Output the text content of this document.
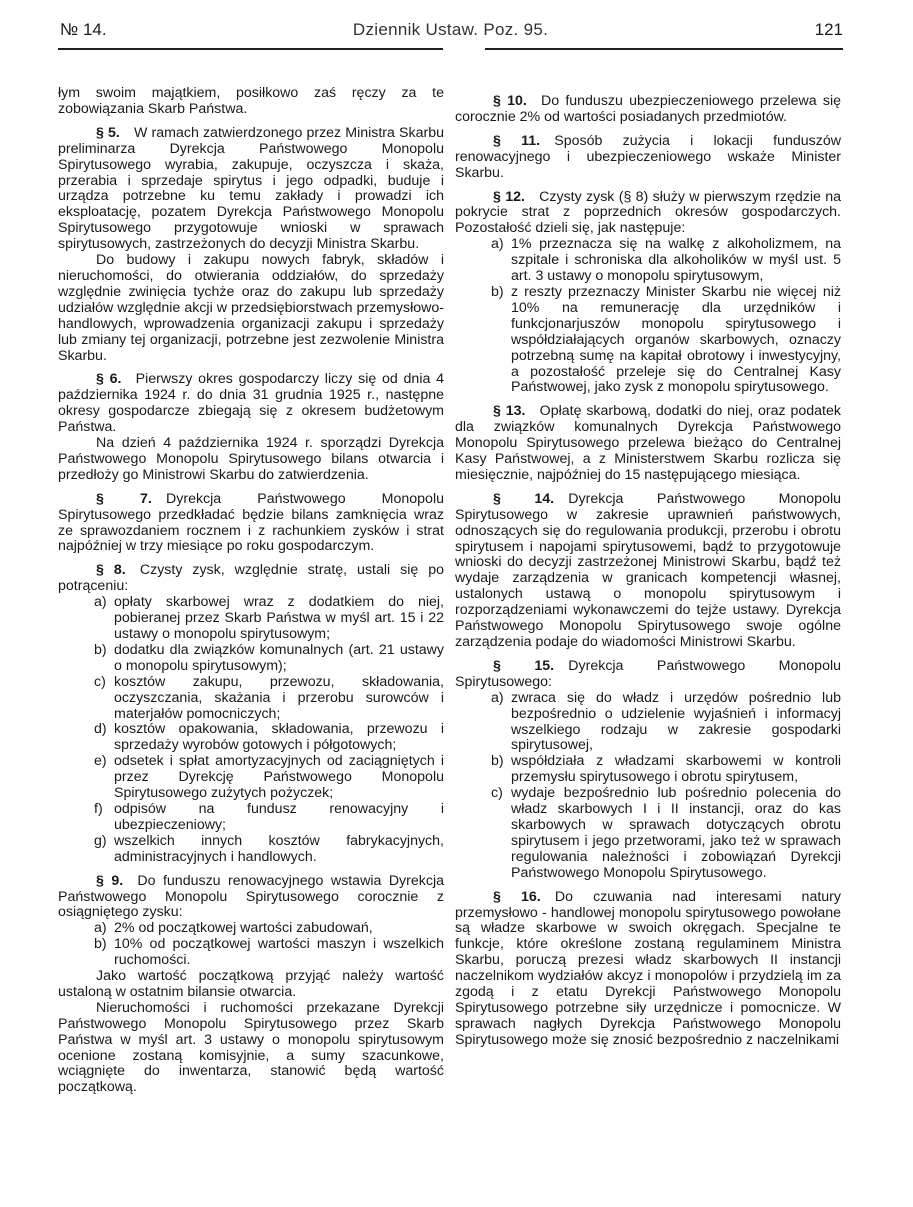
№ 14.	Dziennik Ustaw. Poz. 95.	121

łym swoim majątkiem, posiłkowo zaś ręczy za te zobowiązania Skarb Państwa.

§ 5.  W ramach zatwierdzonego przez Ministra Skarbu preliminarza Dyrekcja Państwowego Monopolu Spirytusowego wyrabia, zakupuje, oczyszcza i skaża, przerabia i sprzedaje spirytus i jego odpadki, buduje i urządza potrzebne ku temu zakłady i prowadzi ich eksploatację, pozatem Dyrekcja Państwowego Monopolu Spirytusowego przygotowuje wnioski w sprawach spirytusowych, zastrzeżonych do decyzji Ministra Skarbu.

Do budowy i zakupu nowych fabryk, składów i nieruchomości, do otwierania oddziałów, do sprzedaży względnie zwinięcia tychże oraz do zakupu lub sprzedaży udziałów względnie akcji w przedsiębiorstwach przemysłowo-handlowych, wprowadzenia organizacji zakupu i sprzedaży lub zmiany tej organizacji, potrzebne jest zezwolenie Ministra Skarbu.

§ 6.  Pierwszy okres gospodarczy liczy się od dnia 4 października 1924 r. do dnia 31 grudnia 1925 r., następne okresy gospodarcze zbiegają się z okresem budżetowym Państwa.

Na dzień 4 października 1924 r. sporządzi Dyrekcja Państwowego Monopolu Spirytusowego bilans otwarcia i przedłoży go Ministrowi Skarbu do zatwierdzenia.

§ 7.  Dyrekcja Państwowego Monopolu Spirytusowego przedkładać będzie bilans zamknięcia wraz ze sprawozdaniem rocznem i z rachunkiem zysków i strat najpóźniej w trzy miesiące po roku gospodarczym.

§ 8.  Czysty zysk, względnie stratę, ustali się po potrąceniu:

a) opłaty skarbowej wraz z dodatkiem do niej, pobieranej przez Skarb Państwa w myśl art. 15 i 22 ustawy o monopolu spirytusowym;

b) dodatku dla związków komunalnych (art. 21 ustawy o monopolu spirytusowym);

c) kosztów zakupu, przewozu, składowania, oczyszczania, skażania i przerobu surowców i materjałów pomocniczych;

d) kosztów opakowania, składowania, przewozu i sprzedaży wyrobów gotowych i półgotowych;

e) odsetek i spłat amortyzacyjnych od zaciągniętych i przez Dyrekcję Państwowego Monopolu Spirytusowego zużytych pożyczek;

f) odpisów na fundusz renowacyjny i ubezpieczeniowy;

g) wszelkich innych kosztów fabrykacyjnych, administracyjnych i handlowych.

§ 9.  Do funduszu renowacyjnego wstawia Dyrekcja Państwowego Monopolu Spirytusowego corocznie z osiągniętego zysku:

a) 2% od początkowej wartości zabudowań,

b) 10% od początkowej wartości maszyn i wszelkich ruchomości.

Jako wartość początkową przyjąć należy wartość ustaloną w ostatnim bilansie otwarcia.

Nieruchomości i ruchomości przekazane Dyrekcji Państwowego Monopolu Spirytusowego przez Skarb Państwa w myśl art. 3 ustawy o monopolu spirytusowym ocenione zostaną komisyjnie, a sumy szacunkowe, wciągnięte do inwentarza, stanowić będą wartość początkową.

§ 10.  Do funduszu ubezpieczeniowego przelewa się corocznie 2% od wartości posiadanych przedmiotów.

§ 11.  Sposób zużycia i lokacji funduszów renowacyjnego i ubezpieczeniowego wskaże Minister Skarbu.

§ 12.  Czysty zysk (§ 8) służy w pierwszym rzędzie na pokrycie strat z poprzednich okresów gospodarczych. Pozostałość dzieli się, jak następuje:

a) 1% przeznacza się na walkę z alkoholizmem, na szpitale i schroniska dla alkoholików w myśl ust. 5 art. 3 ustawy o monopolu spirytusowym,

b) z reszty przeznaczy Minister Skarbu nie więcej niż 10% na remunerację dla urzędników i funkcjonarjuszów monopolu spirytusowego i współdziałających organów skarbowych, oznaczy potrzebną sumę na kapitał obrotowy i inwestycyjny, a pozostałość przeleje się do Centralnej Kasy Państwowej, jako zysk z monopolu spirytusowego.

§ 13.  Opłatę skarbową, dodatki do niej, oraz podatek dla związków komunalnych Dyrekcja Państwowego Monopolu Spirytusowego przelewa bieżąco do Centralnej Kasy Państwowej, a z Ministerstwem Skarbu rozlicza się miesięcznie, najpóźniej do 15 następującego miesiąca.

§ 14.  Dyrekcja Państwowego Monopolu Spirytusowego w zakresie uprawnień państwowych, odnoszących się do regulowania produkcji, przerobu i obrotu spirytusem i napojami spirytusowemi, bądź to przygotowuje wnioski do decyzji zastrzeżonej Ministrowi Skarbu, bądź też wydaje zarządzenia w granicach kompetencji własnej, ustalonych ustawą o monopolu spirytusowym i rozporządzeniami wykonawczemi do tejże ustawy. Dyrekcja Państwowego Monopolu Spirytusowego swoje ogólne zarządzenia podaje do wiadomości Ministrowi Skarbu.

§ 15.  Dyrekcja Państwowego Monopolu Spirytusowego:

a) zwraca się do władz i urzędów pośrednio lub bezpośrednio o udzielenie wyjaśnień i informacyj wszelkiego rodzaju w zakresie gospodarki spirytusowej,

b) współdziała z władzami skarbowemi w kontroli przemysłu spirytusowego i obrotu spirytusem,

c) wydaje bezpośrednio lub pośrednio polecenia do władz skarbowych I i II instancji, oraz do kas skarbowych w sprawach dotyczących obrotu spirytusem i jego przetworami, jako też w sprawach regulowania należności i zobowiązań Dyrekcji Państwowego Monopolu Spirytusowego.

§ 16.  Do czuwania nad interesami natury przemysłowo - handlowej monopolu spirytusowego powołane są władze skarbowe w swoich okręgach. Specjalne te funkcje, które określone zostaną regulaminem Ministra Skarbu, poruczą prezesi władz skarbowych II instancji naczelnikom wydziałów akcyz i monopolów i przydzielą im za zgodą i z etatu Dyrekcji Państwowego Monopolu Spirytusowego potrzebne siły urzędnicze i pomocnicze. W sprawach nagłych Dyrekcja Państwowego Monopolu Spirytusowego może się znosić bezpośrednio z naczelnikami
